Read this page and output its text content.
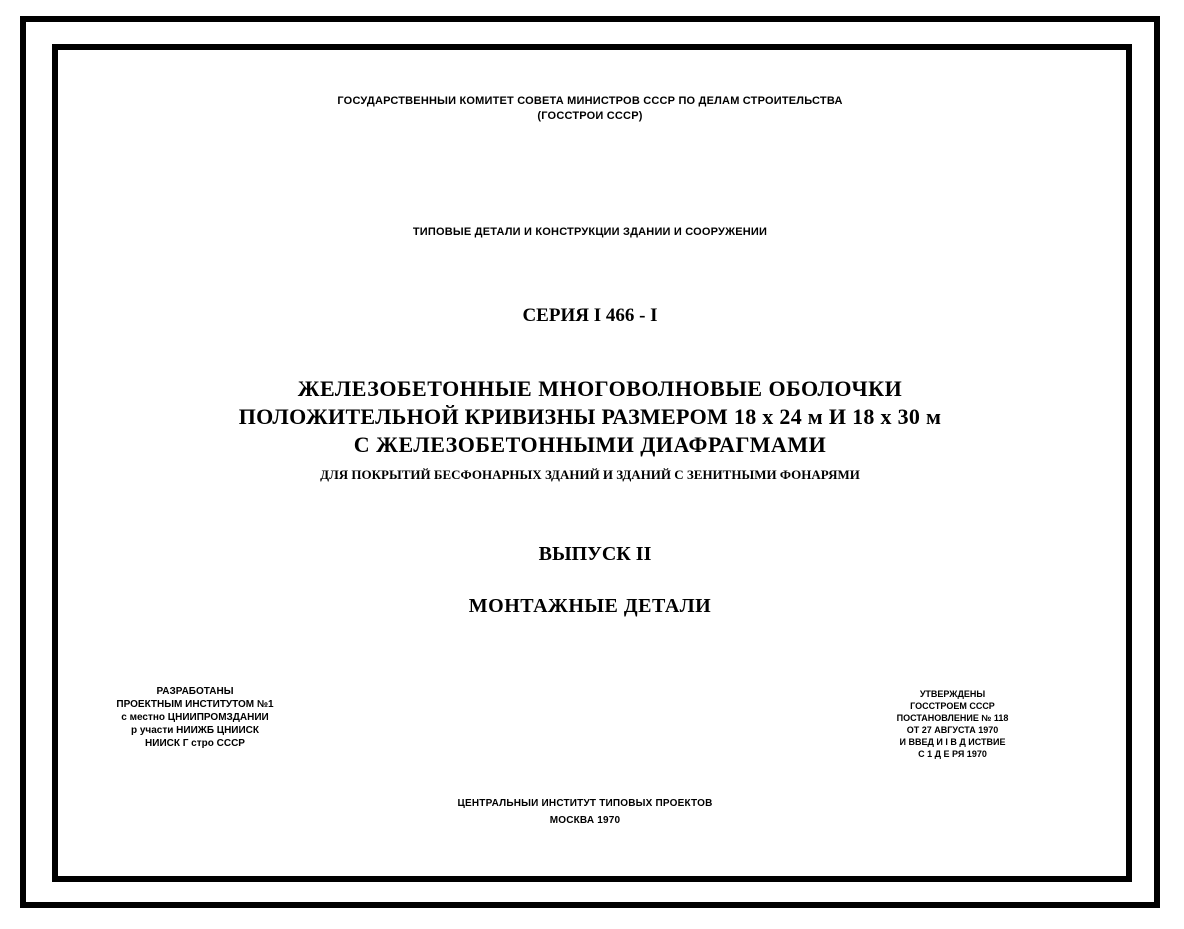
ГОСУДАРСТВЕННЫИ КОМИТЕТ СОВЕТА МИНИСТРОВ СССР ПО ДЕЛАМ СТРОИТЕЛЬСТВА
(ГОССТРОИ СССР)
ТИПОВЫЕ ДЕТАЛИ И КОНСТРУКЦИИ ЗДАНИИ И СООРУЖЕНИИ
СЕРИЯ I 466 - I
ЖЕЛЕЗОБЕТОННЫЕ МНОГОВОЛНОВЫЕ ОБОЛОЧКИ
ПОЛОЖИТЕЛЬНОЙ КРИВИЗНЫ РАЗМЕРОМ 18 х 24 м И 18 х 30 м
С ЖЕЛЕЗОБЕТОННЫМИ ДИАФРАГМАМИ
ДЛЯ ПОКРЫТИЙ БЕСФОНАРНЫХ ЗДАНИЙ И ЗДАНИЙ С ЗЕНИТНЫМИ ФОНАРЯМИ
ВЫПУСК II
МОНТАЖНЫЕ ДЕТАЛИ
РАЗРАБОТАНЫ
ПРОЕКТНЫМ ИНСТИТУТОМ №1
с местно ЦНИИПРОМЗДАНИИ
р участи НИИЖБ ЦНИИСК
НИИСК Г стро СССР
УТВЕРЖДЕНЫ
ГОССТРОЕМ СССР
ПОСТАНОВЛЕНИЕ № 118
ОТ 27 АВГУСТА 1970
И ВВЕД И I В Д ИСТВИЕ
С 1 Д Е РЯ 1970
ЦЕНТРАЛЬНЫИ ИНСТИТУТ ТИПОВЫХ ПРОЕКТОВ
МОСКВА 1970
